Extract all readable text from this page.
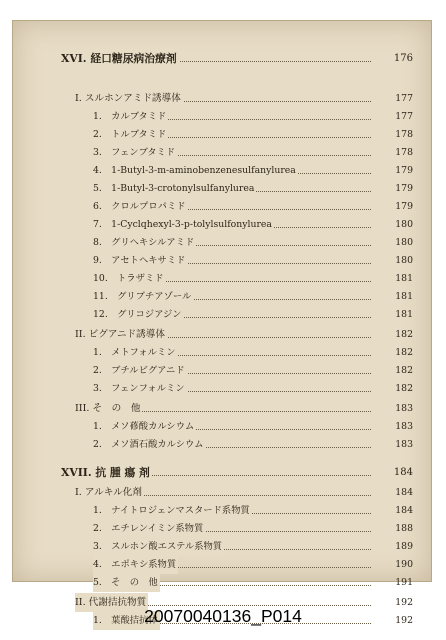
XVI. 経口糖尿病治療剤	176
I. スルホンアミド誘導体	177
1.　カルブタミド	177
2.　トルブタミド	178
3.　フェンブタミド	178
4.　1-Butyl-3-m-aminobenzenesulfanylurea	179
5.　1-Butyl-3-crotonylsulfanylurea	179
6.　クロルプロパミド	179
7.　1-Cyclqhexyl-3-p-tolylsulfonylurea	180
8.　グリヘキシルアミド	180
9.　アセトヘキサミド	180
10.　トラザミド	181
11.　グリブチアゾール	181
12.　グリコジアジン	181
II. ビグアニド誘導体	182
1.　メトフォルミン	182
2.　ブチルビグアニド	182
3.　フェンフォルミン	182
III. そ　の　他	183
1.　メソ蓚酸カルシウム	183
2.　メソ酒石酸カルシウム	183
XVII. 抗 腫 瘍 剤	184
I. アルキル化剤	184
1.　ナイトロジェンマスタード系物質	184
2.　エチレンイミン系物質	188
3.　スルホン酸エステル系物質	189
4.　エポキシ系物質	190
5.　そ　の　他	191
II. 代謝拮抗物質	192
1.　葉酸拮抗体	192
20070040136_P014
